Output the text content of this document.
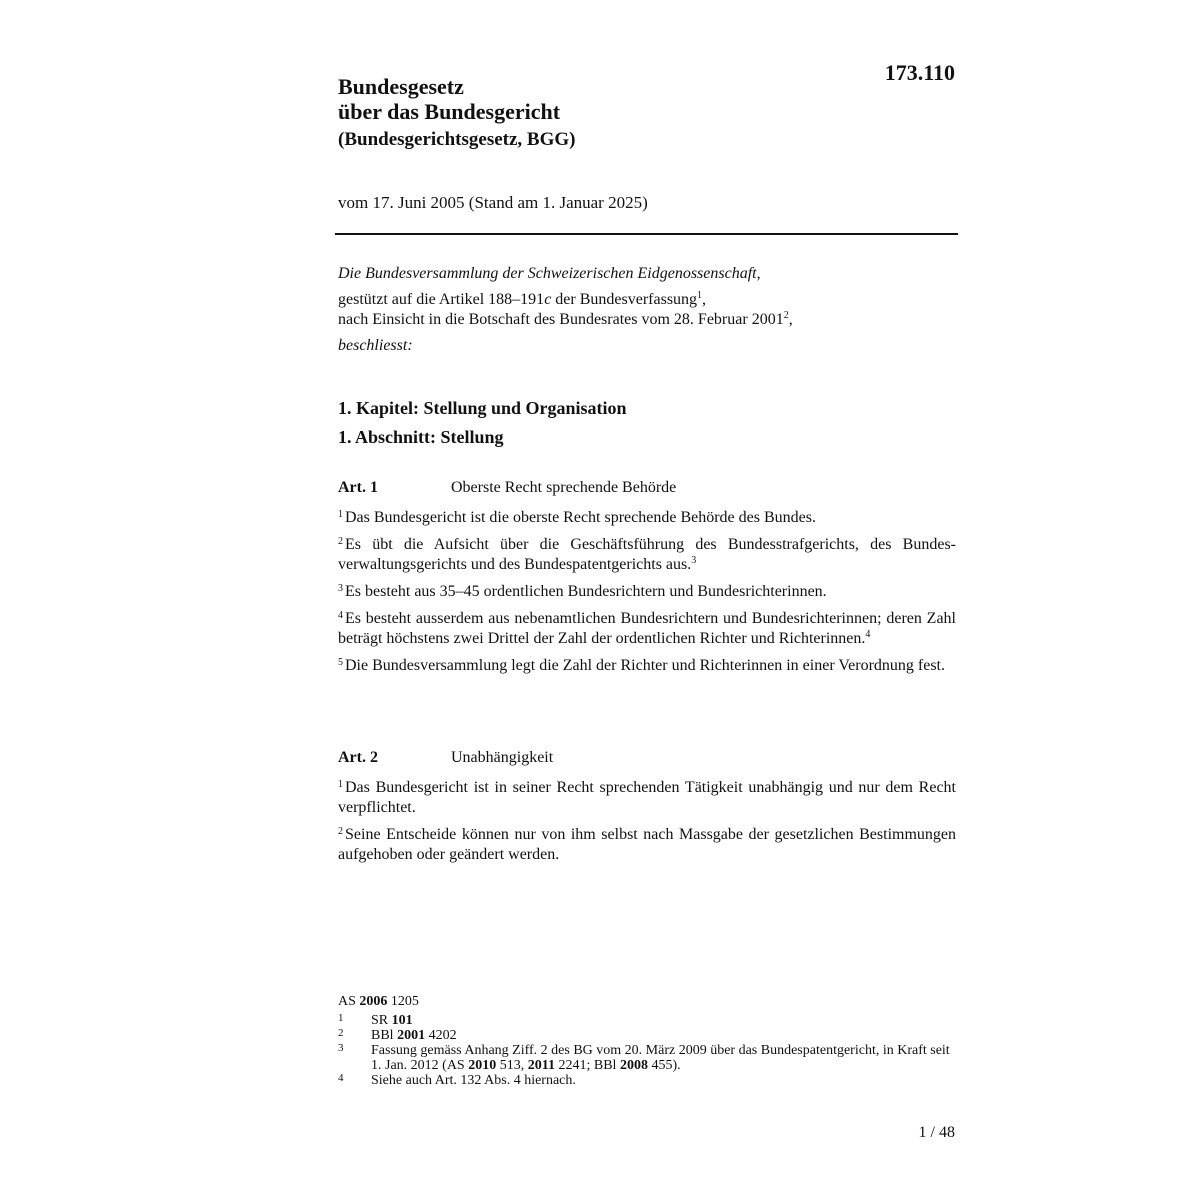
173.110
Bundesgesetz
über das Bundesgericht
(Bundesgerichtsgesetz, BGG)
vom 17. Juni 2005 (Stand am 1. Januar 2025)
Die Bundesversammlung der Schweizerischen Eidgenossenschaft,
gestützt auf die Artikel 188–191c der Bundesverfassung$^1$,
nach Einsicht in die Botschaft des Bundesrates vom 28. Februar 2001$^2$,
beschliesst:
1. Kapitel: Stellung und Organisation
1. Abschnitt: Stellung
Art. 1	Oberste Recht sprechende Behörde
$^1$ Das Bundesgericht ist die oberste Recht sprechende Behörde des Bundes.
$^2$ Es übt die Aufsicht über die Geschäftsführung des Bundesstrafgerichts, des Bundesverwaltungsgerichts und des Bundespatentgerichts aus.$^3$
$^3$ Es besteht aus 35–45 ordentlichen Bundesrichtern und Bundesrichterinnen.
$^4$ Es besteht ausserdem aus nebenamtlichen Bundesrichtern und Bundesrichterinnen; deren Zahl beträgt höchstens zwei Drittel der Zahl der ordentlichen Richter und Richterinnen.$^4$
$^5$ Die Bundesversammlung legt die Zahl der Richter und Richterinnen in einer Verordnung fest.
Art. 2	Unabhängigkeit
$^1$ Das Bundesgericht ist in seiner Recht sprechenden Tätigkeit unabhängig und nur dem Recht verpflichtet.
$^2$ Seine Entscheide können nur von ihm selbst nach Massgabe der gesetzlichen Bestimmungen aufgehoben oder geändert werden.
AS 2006 1205
1 SR 101
2 BBl 2001 4202
3 Fassung gemäss Anhang Ziff. 2 des BG vom 20. März 2009 über das Bundespatentgericht, in Kraft seit 1. Jan. 2012 (AS 2010 513, 2011 2241; BBl 2008 455).
4 Siehe auch Art. 132 Abs. 4 hiernach.
1 / 48
